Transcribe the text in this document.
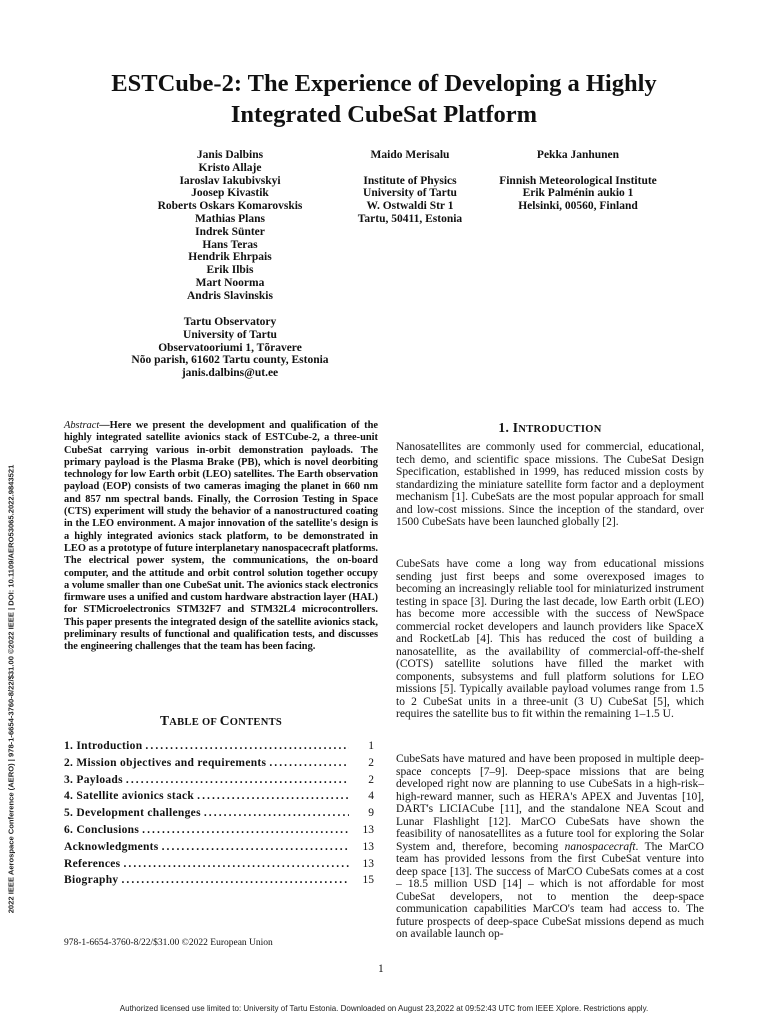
ESTCube-2: The Experience of Developing a Highly Integrated CubeSat Platform
Janis Dalbins
Kristo Allaje
Iaroslav Iakubivskyi
Joosep Kivastik
Roberts Oskars Komarovskis
Mathias Plans
Indrek Sünter
Hans Teras
Hendrik Ehrpais
Erik Ilbis
Mart Noorma
Andris Slavinskis
Tartu Observatory
University of Tartu
Observatooriumi 1, Tõravere
Nõo parish, 61602 Tartu county, Estonia
janis.dalbins@ut.ee
Maido Merisalu
Institute of Physics
University of Tartu
W. Ostwaldi Str 1
Tartu, 50411, Estonia
Pekka Janhunen
Finnish Meteorological Institute
Erik Palménin aukio 1
Helsinki, 00560, Finland

Abstract—Here we present the development and qualification of the highly integrated satellite avionics stack of ESTCube-2, a three-unit CubeSat carrying various in-orbit demonstration payloads. The primary payload is the Plasma Brake (PB), which is novel deorbiting technology for low Earth orbit (LEO) satellites. The Earth observation payload (EOP) consists of two cameras imaging the planet in 660 nm and 857 nm spectral bands. Finally, the Corrosion Testing in Space (CTS) experiment will study the behavior of a nanostructured coating in the LEO environment. A major innovation of the satellite's design is a highly integrated avionics stack platform, to be demonstrated in LEO as a prototype of future interplanetary nanospacecraft platforms. The electrical power system, the communications, the on-board computer, and the attitude and orbit control solution together occupy a volume smaller than one CubeSat unit. The avionics stack electronics firmware uses a unified and custom hardware abstraction layer (HAL) for STMicroelectronics STM32F7 and STM32L4 microcontrollers. This paper presents the integrated design of the satellite avionics stack, preliminary results of functional and qualification tests, and discusses the engineering challenges that the team has been facing.

TABLE OF CONTENTS
1. Introduction . . .	1
2. Mission objectives and requirements . . .	2
3. Payloads . . .	2
4. Satellite avionics stack . . .	4
5. Development challenges . . .	9
6. Conclusions . . .	13
Acknowledgments . . .	13
References . . .	13
Biography . . .	15
978-1-6654-3760-8/22/$31.00 ©2022 European Union
1. INTRODUCTION

Nanosatellites are commonly used for commercial, educational, tech demo, and scientific space missions. The CubeSat Design Specification, established in 1999, has reduced mission costs by standardizing the miniature satellite form factor and a deployment mechanism [1]. CubeSats are the most popular approach for small and low-cost missions. Since the inception of the standard, over 1500 CubeSats have been launched globally [2].

CubeSats have come a long way from educational missions sending just first beeps and some overexposed images to becoming an increasingly reliable tool for miniaturized instrument testing in space [3]. During the last decade, low Earth orbit (LEO) has become more accessible with the success of NewSpace commercial rocket developers and launch providers like SpaceX and RocketLab [4]. This has reduced the cost of building a nanosatellite, as the availability of commercial-off-the-shelf (COTS) satellite solutions have filled the market with components, subsystems and full platform solutions for LEO missions [5]. Typically available payload volumes range from 1.5 to 2 CubeSat units in a three-unit (3 U) CubeSat [5], which requires the satellite bus to fit within the remaining 1–1.5 U.

CubeSats have matured and have been proposed in multiple deep-space concepts [7–9]. Deep-space missions that are being developed right now are planning to use CubeSats in a high-risk–high-reward manner, such as HERA's APEX and Juventas [10], DART's LICIACube [11], and the standalone NEA Scout and Lunar Flashlight [12]. MarCO CubeSats have shown the feasibility of nanosatellites as a future tool for exploring the Solar System and, therefore, becoming nanospacecraft. The MarCO team has provided lessons from the first CubeSat venture into deep space [13]. The success of MarCO CubeSats comes at a cost – 18.5 million USD [14] – which is not affordable for most CubeSat developers, not to mention the deep-space communication capabilities MarCO's team had access to. The future prospects of deep-space CubeSat missions depend as much on available launch op-

1
2022 IEEE Aerospace Conference (AERO) | 978-1-6654-3760-8/22/$31.00 ©2022 IEEE | DOI: 10.1109/AERO53065.2022.9843521
Authorized licensed use limited to: University of Tartu Estonia. Downloaded on August 23,2022 at 09:52:43 UTC from IEEE Xplore. Restrictions apply.
